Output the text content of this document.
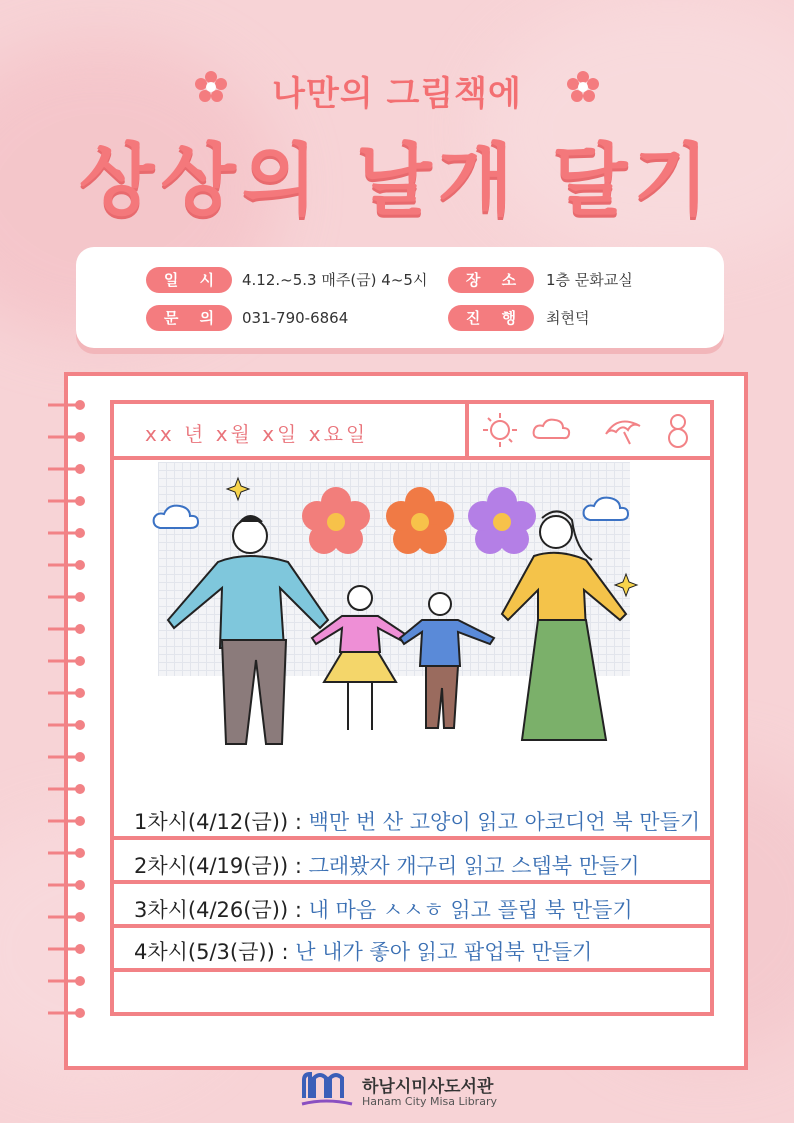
나만의 그림책에
상상의 날개 달기
일 시	4.12.~5.3 매주(금) 4~5시	장 소	1층 문화교실
문 의	031-790-6864	진 행	최현덕
xx 년 x월 x일 x요일
1차시(4/12(금)) : 백만 번 산 고양이 읽고 아코디언 북 만들기
2차시(4/19(금)) : 그래봤자 개구리 읽고 스텝북 만들기
3차시(4/26(금)) : 내 마음 ㅅㅅㅎ 읽고 플립 북 만들기
4차시(5/3(금)) : 난 내가 좋아 읽고 팝업북 만들기
하남시미사도서관
Hanam City Misa Library
